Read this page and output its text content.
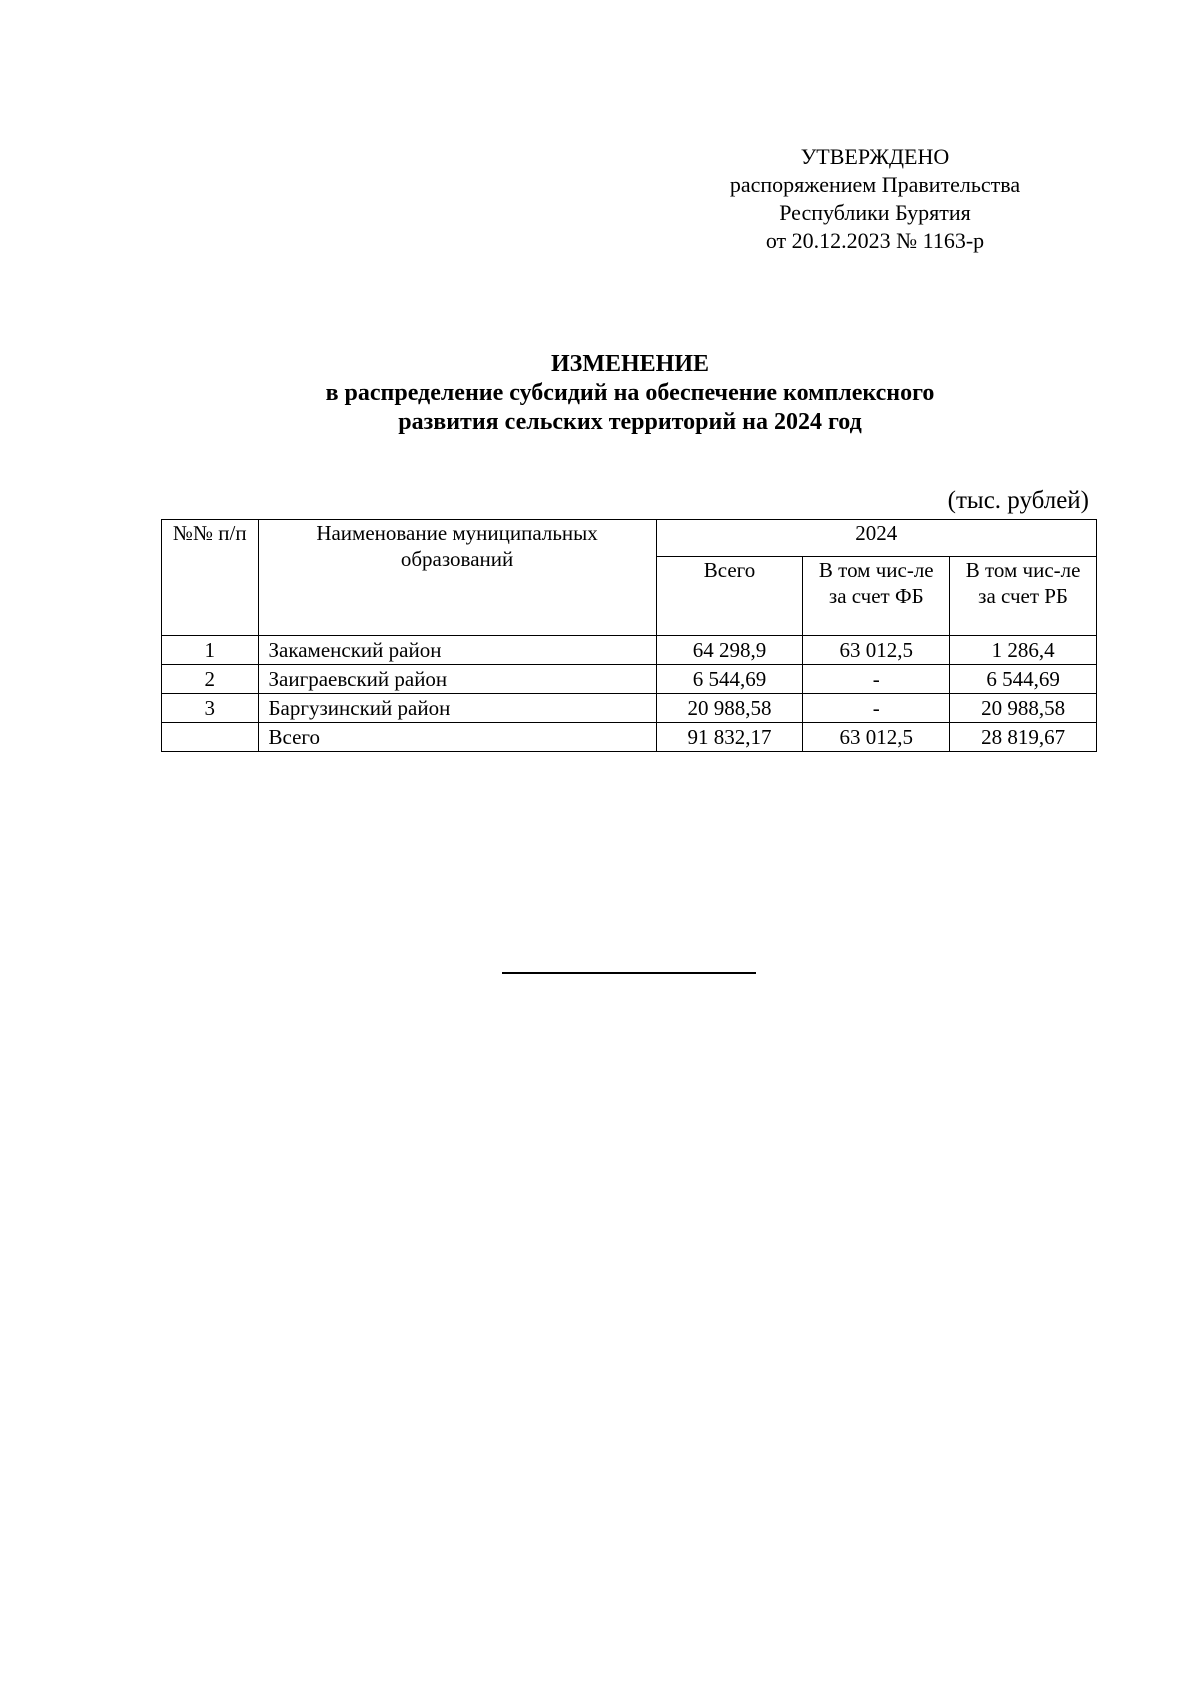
УТВЕРЖДЕНО
распоряжением Правительства
Республики Бурятия
от 20.12.2023 № 1163-р
ИЗМЕНЕНИЕ
в распределение субсидий на обеспечение комплексного
развития сельских территорий на 2024 год
(тыс. рублей)
№№ п/п	Наименование муниципальных образований	2024		
		Всего	В том чис-ле за счет ФБ	В том чис-ле за счет РБ
1	Закаменский район	64 298,9	63 012,5	1 286,4
2	Заиграевский район	6 544,69	-	6 544,69
3	Баргузинский район	20 988,58	-	20 988,58
	Всего	91 832,17	63 012,5	28 819,67
